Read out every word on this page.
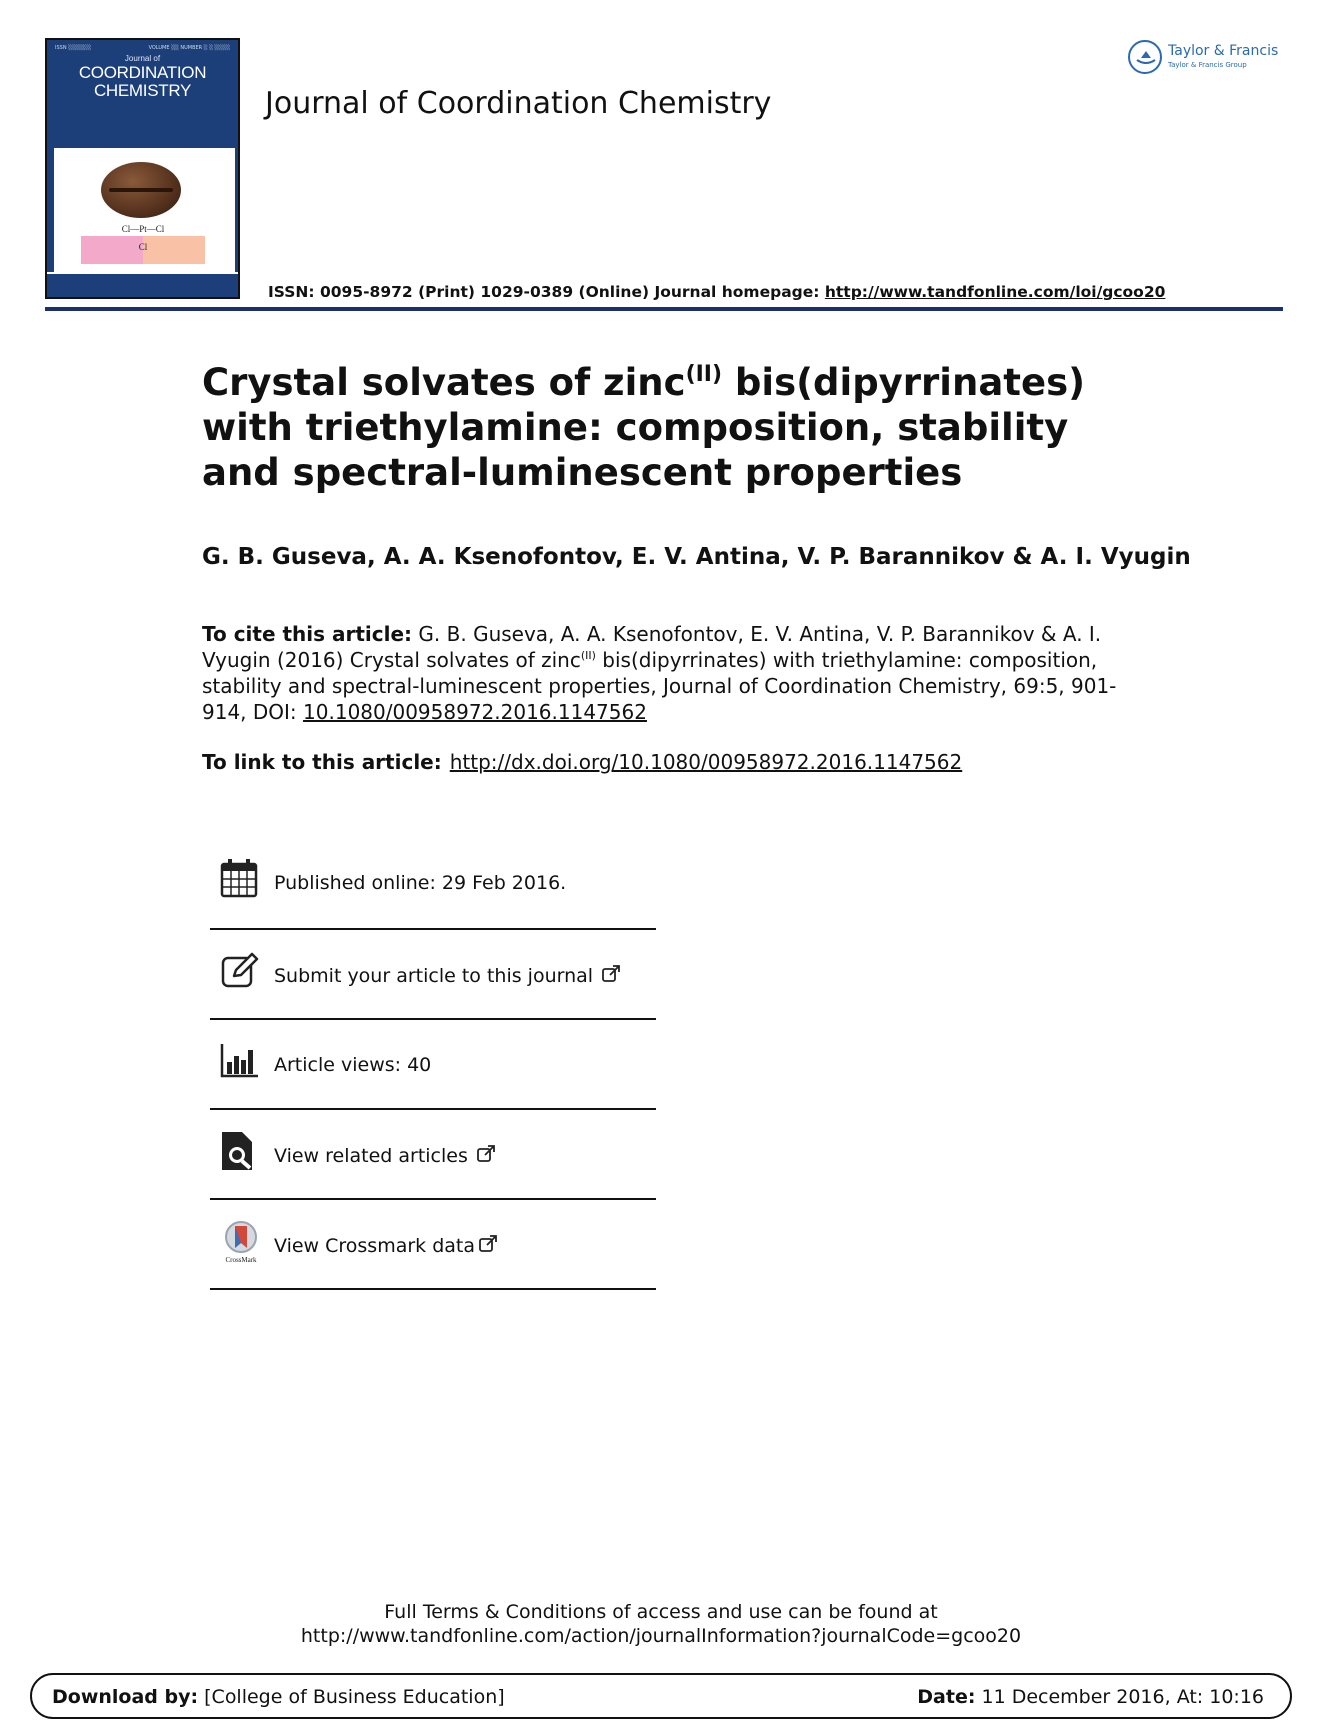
ISSN ░░░░░░	VOLUME ░░ NUMBER ░ ░ ░░░░
Journal of
COORDINATION
CHEMISTRY
Cl—Pt—Cl
Cl
Journal of Coordination Chemistry
Taylor & Francis
Taylor & Francis Group
ISSN: 0095-8972 (Print) 1029-0389 (Online) Journal homepage: http://www.tandfonline.com/loi/gcoo20
Crystal solvates of zinc$^{(II)}$ bis(dipyrrinates) with triethylamine: composition, stability and spectral-luminescent properties
G. B. Guseva, A. A. Ksenofontov, E. V. Antina, V. P. Barannikov & A. I. Vyugin
To cite this article: G. B. Guseva, A. A. Ksenofontov, E. V. Antina, V. P. Barannikov & A. I. Vyugin (2016) Crystal solvates of zinc$^{(II)}$ bis(dipyrrinates) with triethylamine: composition, stability and spectral-luminescent properties, Journal of Coordination Chemistry, 69:5, 901-914, DOI: 10.1080/00958972.2016.1147562
To link to this article: http://dx.doi.org/10.1080/00958972.2016.1147562
Published online: 29 Feb 2016.
Submit your article to this journal
Article views: 40
View related articles
CrossMark
View Crossmark data
Full Terms & Conditions of access and use can be found at
http://www.tandfonline.com/action/journalInformation?journalCode=gcoo20
Download by: [College of Business Education]	Date: 11 December 2016, At: 10:16
